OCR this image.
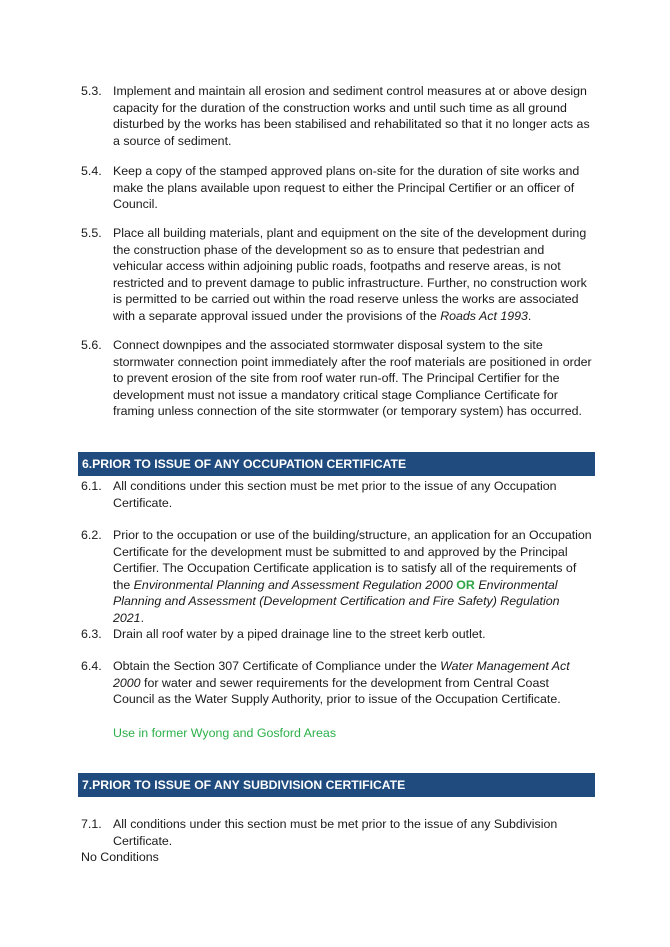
5.3. Implement and maintain all erosion and sediment control measures at or above design capacity for the duration of the construction works and until such time as all ground disturbed by the works has been stabilised and rehabilitated so that it no longer acts as a source of sediment.
5.4. Keep a copy of the stamped approved plans on-site for the duration of site works and make the plans available upon request to either the Principal Certifier or an officer of Council.
5.5. Place all building materials, plant and equipment on the site of the development during the construction phase of the development so as to ensure that pedestrian and vehicular access within adjoining public roads, footpaths and reserve areas, is not restricted and to prevent damage to public infrastructure. Further, no construction work is permitted to be carried out within the road reserve unless the works are associated with a separate approval issued under the provisions of the Roads Act 1993.
5.6. Connect downpipes and the associated stormwater disposal system to the site stormwater connection point immediately after the roof materials are positioned in order to prevent erosion of the site from roof water run-off. The Principal Certifier for the development must not issue a mandatory critical stage Compliance Certificate for framing unless connection of the site stormwater (or temporary system) has occurred.
6.PRIOR TO ISSUE OF ANY OCCUPATION CERTIFICATE
6.1. All conditions under this section must be met prior to the issue of any Occupation Certificate.
6.2. Prior to the occupation or use of the building/structure, an application for an Occupation Certificate for the development must be submitted to and approved by the Principal Certifier. The Occupation Certificate application is to satisfy all of the requirements of the Environmental Planning and Assessment Regulation 2000 OR Environmental Planning and Assessment (Development Certification and Fire Safety) Regulation 2021.
6.3. Drain all roof water by a piped drainage line to the street kerb outlet.
6.4. Obtain the Section 307 Certificate of Compliance under the Water Management Act 2000 for water and sewer requirements for the development from Central Coast Council as the Water Supply Authority, prior to issue of the Occupation Certificate.
Use in former Wyong and Gosford Areas
7.PRIOR TO ISSUE OF ANY SUBDIVISION CERTIFICATE
7.1. All conditions under this section must be met prior to the issue of any Subdivision Certificate.
No Conditions
